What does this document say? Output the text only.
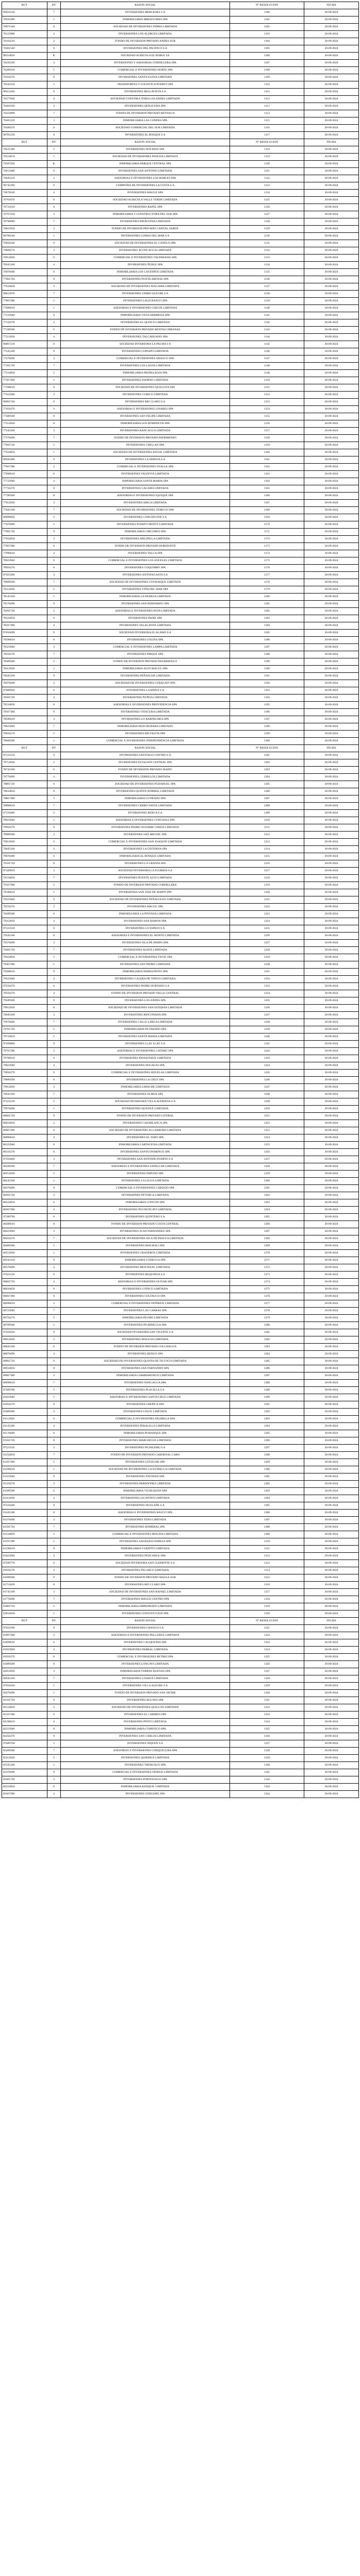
RUT	DV	RAZON SOCIAL	N° RESOLUCION	FECHA
96923120	7	INVERSIONES MERCEDES S A	1100	30-09-2024
76035280	1	INMOBILIARIA MIRAFLORES SPA	1101	30-09-2024
76071540	8	SOCIEDAD DE INVERSIONES FERRO LIMITADA	1102	30-09-2024
76123980	4	INVERSIONES LOS ALERCES LIMITADA	1103	30-09-2024
76164210	2	FONDO DE INVERSION PRIVADO ANDES SUR	1104	30-09-2024
76201540	6	INVERSIONES DEL PACIFICO S A	1105	30-09-2024
96554810	K	SOCIEDAD AGRICOLA EL ROBLE SA	1106	30-09-2024
76250330	3	INVERSIONES Y ASESORIAS CORDILLERA SPA	1107	30-09-2024
76289410	5	COMERCIAL E INVERSIONES NORTE SPA	1108	30-09-2024
76310270	9	INVERSIONES SANTA ELENA LIMITADA	1109	30-09-2024
76342150	1	TRANSPORTES Y LOGISTICA PUERTO SPA	1110	30-09-2024
96612440	0	INVERSIONES BELLAVISTA S A	1111	30-09-2024
76377820	4	SOCIEDAD CONSTRUCTORA LOS ANDES LIMITADA	1112	30-09-2024
76401650	2	INVERSIONES QUILICURA SPA	1113	30-09-2024
76433890	7	FONDO DE INVERSION PRIVADO RENTAS II	1114	30-09-2024
76465120	3	INMOBILIARIA LAS CONDES SPA	1115	30-09-2024
76498370	6	SOCIEDAD COMERCIAL DEL SUR LIMITADA	1116	30-09-2024
96701250	8	INVERSIONES EL BOSQUE S A	1117	30-09-2024
RUT	DV	RAZON SOCIAL	N° RESOLUCION	FECHA
76521340	5	INVERSIONES DOS RIOS SPA	1118	30-09-2024
76554670	1	SOCIEDAD DE INVERSIONES PEHUEN LIMITADA	1119	30-09-2024
76587930	K	INMOBILIARIA PARQUE CENTRAL SPA	1120	30-09-2024
76612480	9	INVERSIONES SAN ANTONIO LIMITADA	1121	30-09-2024
76645210	2	ASESORIAS E INVERSIONES LOS ROBLES SPA	1122	30-09-2024
96745390	6	COMPAÑIA DE INVERSIONES LA COSTA S A	1123	30-09-2024
76678540	4	INVERSIONES MAULE SPA	1124	30-09-2024
76701870	0	SOCIEDAD AGRICOLA VALLE VERDE LIMITADA	1125	30-09-2024
76734120	8	INVERSIONES RAPEL SPA	1126	30-09-2024
76767450	3	INMOBILIARIA Y CONSTRUCTORA DEL SUR SPA	1127	30-09-2024
76790680	7	INVERSIONES PATAGONIA LIMITADA	1128	30-09-2024
76823910	5	FONDO DE INVERSION PRIVADO CAPITAL NORTE	1129	30-09-2024
96789140	1	INVERSIONES LOMAS DEL MAR S A	1130	30-09-2024
76856240	9	SOCIEDAD DE INVERSIONES EL CANELO SPA	1131	30-09-2024
76889570	2	INVERSIONES ACONCAGUA LIMITADA	1132	30-09-2024
76912830	6	COMERCIAL E INVERSIONES VALPARAISO SPA	1133	30-09-2024
76945160	4	INVERSIONES ÑUBLE SPA	1134	30-09-2024
76978490	0	INMOBILIARIA LOS CASTAÑOS LIMITADA	1135	30-09-2024
77001720	8	INVERSIONES PUNTA ARENAS SPA	1136	30-09-2024
77034050	3	SOCIEDAD DE INVERSIONES ATACAMA LIMITADA	1137	30-09-2024
96823670	7	INVERSIONES CERRO ALEGRE S A	1138	30-09-2024
77067380	5	INVERSIONES LAGO RANCO SPA	1139	30-09-2024
77090610	1	ASESORIAS E INVERSIONES CHILOE LIMITADA	1140	30-09-2024
77123940	9	INMOBILIARIA VISTA HERMOSA SPA	1141	30-09-2024
77156270	2	INVERSIONES EL QUISCO LIMITADA	1142	30-09-2024
77189500	6	FONDO DE INVERSION PRIVADO RENTAS URBANAS	1143	30-09-2024
77212830	4	INVERSIONES TALCAHUANO SPA	1144	30-09-2024
96867210	0	SOCIEDAD INVERSORA LA PALMA S A	1145	30-09-2024
77245160	8	INVERSIONES COPIAPO LIMITADA	1146	30-09-2024
77278490	3	COMERCIAL E INVERSIONES ARAUCO SPA	1147	30-09-2024
77301720	7	INVERSIONES LOS LAGOS LIMITADA	1148	30-09-2024
77334050	5	INMOBILIARIA PIEDRA ROJA SPA	1149	30-09-2024
77367380	1	INVERSIONES OSORNO LIMITADA	1150	30-09-2024
77390610	9	SOCIEDAD DE INVERSIONES QUILLOTA SPA	1151	30-09-2024
77423940	2	INVERSIONES CURICO LIMITADA	1152	30-09-2024
96901740	6	INVERSIONES RIO CLARO S A	1153	30-09-2024
77456270	4	ASESORIAS E INVERSIONES LINARES SPA	1154	30-09-2024
77489500	0	INVERSIONES SAN FELIPE LIMITADA	1155	30-09-2024
77512830	8	INMOBILIARIA LOS DOMINICOS SPA	1156	30-09-2024
77545160	3	INVERSIONES RANCAGUA LIMITADA	1157	30-09-2024
77578490	7	FONDO DE INVERSION PRIVADO PATRIMONIO	1158	30-09-2024
77601720	5	INVERSIONES CHILLAN SPA	1159	30-09-2024
77634050	1	SOCIEDAD DE INVERSIONES ANGOL LIMITADA	1160	30-09-2024
96945280	9	INVERSIONES LA SERENA S A	1161	30-09-2024
77667380	2	COMERCIAL E INVERSIONES OVALLE SPA	1162	30-09-2024
77690610	6	INVERSIONES VALDIVIA LIMITADA	1163	30-09-2024
77723940	4	INMOBILIARIA SANTA MARIA SPA	1164	30-09-2024
77756270	0	INVERSIONES CALAMA LIMITADA	1165	30-09-2024
77789500	8	ASESORIAS E INVERSIONES IQUIQUE SPA	1166	30-09-2024
77812830	3	INVERSIONES ARICA LIMITADA	1167	30-09-2024
77845160	7	SOCIEDAD DE INVERSIONES TEMUCO SPA	1168	30-09-2024
96989820	5	INVERSIONES CONCEPCION S A	1169	30-09-2024
77878490	1	INVERSIONES PUERTO MONTT LIMITADA	1170	30-09-2024
77901720	9	INMOBILIARIA CHICUREO SPA	1171	30-09-2024
77934050	2	INVERSIONES MELIPILLA LIMITADA	1172	30-09-2024
77967380	6	FONDO DE INVERSION PRIVADO HORIZONTE	1173	30-09-2024
77990610	4	INVERSIONES TALCA SPA	1174	30-09-2024
78023940	0	COMERCIAL E INVERSIONES LOS ANGELES LIMITADA	1175	30-09-2024
78056270	8	INVERSIONES COQUIMBO SPA	1176	30-09-2024
97023360	3	INVERSIONES ANTOFAGASTA S A	1177	30-09-2024
78089500	7	SOCIEDAD DE INVERSIONES COYHAIQUE LIMITADA	1178	30-09-2024
78112830	5	INVERSIONES VIÑA DEL MAR SPA	1179	30-09-2024
78145160	1	INMOBILIARIA LA DEHESA LIMITADA	1180	30-09-2024
78178490	9	INVERSIONES SAN BERNARDO SPA	1181	30-09-2024
78201720	2	ASESORIAS E INVERSIONES BUIN LIMITADA	1182	30-09-2024
78234050	6	INVERSIONES PAINE SPA	1183	30-09-2024
78267380	4	INVERSIONES TALAGANTE LIMITADA	1184	30-09-2024
97056690	0	SOCIEDAD INVERSORA EL ALAMO S A	1185	30-09-2024
78290610	8	INVERSIONES COLINA SPA	1186	30-09-2024
78323940	3	COMERCIAL E INVERSIONES LAMPA LIMITADA	1187	30-09-2024
78356270	7	INVERSIONES PIRQUE SPA	1188	30-09-2024
78389500	5	FONDO DE INVERSION PRIVADO DESARROLLO	1189	30-09-2024
78412830	1	INMOBILIARIA ALTO MACUL SPA	1190	30-09-2024
78445160	9	INVERSIONES PEÑAFLOR LIMITADA	1191	30-09-2024
78478490	2	SOCIEDAD DE INVERSIONES CURACAVI SPA	1192	30-09-2024
97089920	6	INVERSIONES LA REINA S A	1193	30-09-2024
78501720	4	INVERSIONES ÑUÑOA LIMITADA	1194	30-09-2024
78534050	0	ASESORIAS E INVERSIONES PROVIDENCIA SPA	1195	30-09-2024
78567380	8	INVERSIONES VITACURA LIMITADA	1196	30-09-2024
78590610	3	INVERSIONES LO BARNECHEA SPA	1197	30-09-2024
78623940	7	INMOBILIARIA HUECHURABA LIMITADA	1198	30-09-2024
78656270	5	INVERSIONES RECOLETA SPA	1199	30-09-2024
78689500	1	COMERCIAL E INVERSIONES INDEPENDENCIA LIMITADA	1200	30-09-2024
RUT	DV	RAZON SOCIAL	N° RESOLUCION	FECHA
97123150	9	INVERSIONES SANTIAGO CENTRO S A	1201	30-09-2024
78712830	2	INVERSIONES ESTACION CENTRAL SPA	1202	30-09-2024
78745160	6	FONDO DE INVERSION PRIVADO MAIPU	1203	30-09-2024
78778490	4	INVERSIONES CERRILLOS LIMITADA	1204	30-09-2024
78801720	0	SOCIEDAD DE INVERSIONES PUDAHUEL SPA	1205	30-09-2024
78834050	8	INVERSIONES QUINTA NORMAL LIMITADA	1206	30-09-2024
78867380	3	INMOBILIARIA LO PRADO SPA	1207	30-09-2024
78890610	7	INVERSIONES CERRO NAVIA LIMITADA	1208	30-09-2024
97156480	5	INVERSIONES RENCA S A	1209	30-09-2024
78923940	1	ASESORIAS E INVERSIONES CONCHALI SPA	1210	30-09-2024
78956270	9	INVERSIONES PEDRO AGUIRRE CERDA LIMITADA	1211	30-09-2024
78989500	2	INVERSIONES SAN MIGUEL SPA	1212	30-09-2024
79012830	6	COMERCIAL E INVERSIONES SAN JOAQUIN LIMITADA	1213	30-09-2024
79045160	4	INVERSIONES LA CISTERNA SPA	1214	30-09-2024
79078490	0	INMOBILIARIA EL BOSQUE LIMITADA	1215	30-09-2024
79101720	8	INVERSIONES LA GRANJA SPA	1216	30-09-2024
97189810	3	SOCIEDAD INVERSORA LA FLORIDA S A	1217	30-09-2024
79134050	7	INVERSIONES PUENTE ALTO LIMITADA	1218	30-09-2024
79167380	5	FONDO DE INVERSION PRIVADO CORDILLERA	1219	30-09-2024
79190610	1	INVERSIONES SAN JOSE DE MAIPO SPA	1220	30-09-2024
79223940	9	SOCIEDAD DE INVERSIONES PEÑALOLEN LIMITADA	1221	30-09-2024
79256270	2	INVERSIONES MACUL SPA	1222	30-09-2024
79289500	6	INMOBILIARIA LA PINTANA LIMITADA	1223	30-09-2024
79312830	4	INVERSIONES SAN RAMON SPA	1224	30-09-2024
97223140	0	INVERSIONES LO ESPEJO S A	1225	30-09-2024
79345160	8	ASESORIAS E INVERSIONES EL MONTE LIMITADA	1226	30-09-2024
79378490	3	INVERSIONES ISLA DE MAIPO SPA	1227	30-09-2024
79401720	7	INVERSIONES ALHUE LIMITADA	1228	30-09-2024
79434050	5	COMERCIAL E INVERSIONES TILTIL SPA	1229	30-09-2024
79467380	1	INVERSIONES SAN PEDRO LIMITADA	1230	30-09-2024
79490610	9	INMOBILIARIA MARIA PINTO SPA	1231	30-09-2024
79523940	2	INVERSIONES CALERA DE TANGO LIMITADA	1232	30-09-2024
97256470	6	INVERSIONES PADRE HURTADO S A	1233	30-09-2024
79556270	4	FONDO DE INVERSION PRIVADO VALLE CENTRAL	1234	30-09-2024
79589500	0	INVERSIONES LOS ANDES SPA	1235	30-09-2024
79612830	8	SOCIEDAD DE INVERSIONES SAN ESTEBAN LIMITADA	1236	30-09-2024
79645160	3	INVERSIONES RINCONADA SPA	1237	30-09-2024
79678490	7	INVERSIONES CALLE LARGA LIMITADA	1238	30-09-2024
79701720	5	INMOBILIARIA PUTAENDO SPA	1239	30-09-2024
79734050	1	INVERSIONES SANTA MARIA LIMITADA	1240	30-09-2024
97289800	9	INVERSIONES LLAY LLAY S A	1241	30-09-2024
79767380	2	ASESORIAS E INVERSIONES CATEMU SPA	1242	30-09-2024
79790610	6	INVERSIONES PANQUEHUE LIMITADA	1243	30-09-2024
79823940	4	INVERSIONES NOGALES SPA	1244	30-09-2024
79856270	0	COMERCIAL E INVERSIONES HIJUELAS LIMITADA	1245	30-09-2024
79889500	8	INVERSIONES LA CRUZ SPA	1246	30-09-2024
79912830	3	INMOBILIARIA LIMACHE LIMITADA	1247	30-09-2024
79945160	7	INVERSIONES OLMUE SPA	1248	30-09-2024
97323130	5	SOCIEDAD INVERSORA VILLA ALEMANA S A	1249	30-09-2024
79978490	1	INVERSIONES QUILPUE LIMITADA	1250	30-09-2024
80001720	9	FONDO DE INVERSION PRIVADO LITORAL	1251	30-09-2024
80034050	2	INVERSIONES CASABLANCA SPA	1252	30-09-2024
80067380	6	SOCIEDAD DE INVERSIONES ALGARROBO LIMITADA	1253	30-09-2024
80090610	4	INVERSIONES EL TABO SPA	1254	30-09-2024
80123940	0	INMOBILIARIA CARTAGENA LIMITADA	1255	30-09-2024
80156270	8	INVERSIONES SANTO DOMINGO SPA	1256	30-09-2024
97356460	3	INVERSIONES SAN ANTONIO PUERTO S A	1257	30-09-2024
80189500	7	ASESORIAS E INVERSIONES ZAPALLAR LIMITADA	1258	30-09-2024
80212830	5	INVERSIONES PAPUDO SPA	1259	30-09-2024
80245160	1	INVERSIONES LA LIGUA LIMITADA	1260	30-09-2024
80278490	9	COMERCIAL E INVERSIONES CABILDO SPA	1261	30-09-2024
80301720	2	INVERSIONES PETORCA LIMITADA	1262	30-09-2024
80334050	6	INMOBILIARIA CONCON SPA	1263	30-09-2024
80367380	4	INVERSIONES PUCHUNCAVI LIMITADA	1264	30-09-2024
97389790	0	INVERSIONES QUINTERO S A	1265	30-09-2024
80390610	8	FONDO DE INVERSION PRIVADO COSTA CENTRAL	1266	30-09-2024
80423940	3	INVERSIONES JUAN FERNANDEZ SPA	1267	30-09-2024
80456270	7	SOCIEDAD DE INVERSIONES ISLA DE PASCUA LIMITADA	1268	30-09-2024
80489500	5	INVERSIONES MACHALI SPA	1269	30-09-2024
80512830	1	INVERSIONES GRANEROS LIMITADA	1270	30-09-2024
80545160	9	INMOBILIARIA CODEGUA SPA	1271	30-09-2024
80578490	2	INVERSIONES MOSTAZAL LIMITADA	1272	30-09-2024
97423120	6	INVERSIONES REQUINOA S A	1273	30-09-2024
80601720	4	ASESORIAS E INVERSIONES OLIVAR SPA	1274	30-09-2024
80634050	0	INVERSIONES COINCO LIMITADA	1275	30-09-2024
80667380	8	INVERSIONES COLTAUCO SPA	1276	30-09-2024
80690610	3	COMERCIAL E INVERSIONES DOÑIHUE LIMITADA	1277	30-09-2024
80723940	7	INVERSIONES LAS CABRAS SPA	1278	30-09-2024
80756270	5	INMOBILIARIA PEUMO LIMITADA	1279	30-09-2024
80789500	1	INVERSIONES PICHIDEGUA SPA	1280	30-09-2024
97456450	9	SOCIEDAD INVERSORA SAN VICENTE S A	1281	30-09-2024
80812830	2	INVERSIONES MALLOA LIMITADA	1282	30-09-2024
80845160	6	FONDO DE INVERSION PRIVADO COLCHAGUA	1283	30-09-2024
80878490	4	INVERSIONES RENGO SPA	1284	30-09-2024
80901720	0	SOCIEDAD DE INVERSIONES QUINTA DE TILCOCO LIMITADA	1285	30-09-2024
80934050	8	INVERSIONES SAN FERNANDO SPA	1286	30-09-2024
80967380	3	INMOBILIARIA CHIMBARONGO LIMITADA	1287	30-09-2024
80990610	7	INVERSIONES NANCAGUA SPA	1288	30-09-2024
97489780	5	INVERSIONES PLACILLA S A	1289	30-09-2024
81023940	1	ASESORIAS E INVERSIONES SANTA CRUZ LIMITADA	1290	30-09-2024
81056270	9	INVERSIONES CHEPICA SPA	1291	30-09-2024
81089500	2	INVERSIONES LOLOL LIMITADA	1292	30-09-2024
81112830	6	COMERCIAL E INVERSIONES PALMILLA SPA	1293	30-09-2024
81145160	4	INVERSIONES PERALILLO LIMITADA	1294	30-09-2024
81178490	0	INMOBILIARIA PUMANQUE SPA	1295	30-09-2024
81201720	8	INVERSIONES MARCHIGUE LIMITADA	1296	30-09-2024
97523110	3	INVERSIONES PICHILEMU S A	1297	30-09-2024
81234050	7	FONDO DE INVERSION PRIVADO CARDENAL CARO	1298	30-09-2024
81267380	5	INVERSIONES LITUECHE SPA	1299	30-09-2024
81290610	1	SOCIEDAD DE INVERSIONES LA ESTRELLA LIMITADA	1300	30-09-2024
81323940	9	INVERSIONES NAVIDAD SPA	1301	30-09-2024
81356270	2	INVERSIONES PAREDONES LIMITADA	1302	30-09-2024
81389500	6	INMOBILIARIA VICHUQUEN SPA	1303	30-09-2024
81412830	4	INVERSIONES LICANTEN LIMITADA	1304	30-09-2024
97556440	0	INVERSIONES HUALAÑE S A	1305	30-09-2024
81445160	8	ASESORIAS E INVERSIONES RAUCO SPA	1306	30-09-2024
81478490	3	INVERSIONES TENO LIMITADA	1307	30-09-2024
81501720	7	INVERSIONES ROMERAL SPA	1308	30-09-2024
81534050	5	COMERCIAL E INVERSIONES MOLINA LIMITADA	1309	30-09-2024
81567380	1	INVERSIONES SAGRADA FAMILIA SPA	1310	30-09-2024
81590610	9	INMOBILIARIA CUREPTO LIMITADA	1311	30-09-2024
81623940	2	INVERSIONES PENCAHUE SPA	1312	30-09-2024
97589770	6	SOCIEDAD INVERSORA SAN CLEMENTE S A	1313	30-09-2024
81656270	4	INVERSIONES PELARCO LIMITADA	1314	30-09-2024
81689500	0	FONDO DE INVERSION PRIVADO MAULE SUR	1315	30-09-2024
81712830	8	INVERSIONES RIO CLARO SPA	1316	30-09-2024
81745160	3	SOCIEDAD DE INVERSIONES SAN RAFAEL LIMITADA	1317	30-09-2024
81778490	7	INVERSIONES MAULE CENTRO SPA	1318	30-09-2024
81801720	5	INMOBILIARIA EMPEDRADO LIMITADA	1319	30-09-2024
81834050	1	INVERSIONES CONSTITUCION SPA	1320	30-09-2024
RUT	DV	RAZON SOCIAL	N° RESOLUCION	FECHA
97623100	9	INVERSIONES CHANCO S A	1321	30-09-2024
81867380	2	ASESORIAS E INVERSIONES PELLUHUE LIMITADA	1322	30-09-2024
81890610	6	INVERSIONES CAUQUENES SPA	1323	30-09-2024
81923940	4	INVERSIONES PARRAL LIMITADA	1324	30-09-2024
81956270	0	COMERCIAL E INVERSIONES RETIRO SPA	1325	30-09-2024
81989500	8	INVERSIONES LONGAVI LIMITADA	1326	30-09-2024
82012830	3	INMOBILIARIA YERBAS BUENAS SPA	1327	30-09-2024
82045160	7	INVERSIONES COLBUN LIMITADA	1328	30-09-2024
97656430	5	INVERSIONES VILLA ALEGRE S A	1329	30-09-2024
82078490	1	FONDO DE INVERSION PRIVADO SAN JAVIER	1330	30-09-2024
82101720	9	INVERSIONES BULNES SPA	1331	30-09-2024
82134050	2	SOCIEDAD DE INVERSIONES QUILLON LIMITADA	1332	30-09-2024
82167380	6	INVERSIONES EL CARMEN SPA	1333	30-09-2024
82190610	4	INVERSIONES PINTO LIMITADA	1334	30-09-2024
82223940	0	INMOBILIARIA COIHUECO SPA	1335	30-09-2024
82256270	8	INVERSIONES SAN CARLOS LIMITADA	1336	30-09-2024
97689760	3	INVERSIONES NIQUEN S A	1337	30-09-2024
82289500	7	ASESORIAS E INVERSIONES COBQUECURA SPA	1338	30-09-2024
82312830	5	INVERSIONES QUIRIHUE LIMITADA	1339	30-09-2024
82345160	1	INVERSIONES TREHUACO SPA	1340	30-09-2024
82378490	9	COMERCIAL E INVERSIONES NINHUE LIMITADA	1341	30-09-2024
82401720	2	INVERSIONES PORTEZUELO SPA	1342	30-09-2024
82434050	6	INMOBILIARIA RANQUIL LIMITADA	1343	30-09-2024
82467380	4	INVERSIONES COELEMU SPA	1344	30-09-2024
